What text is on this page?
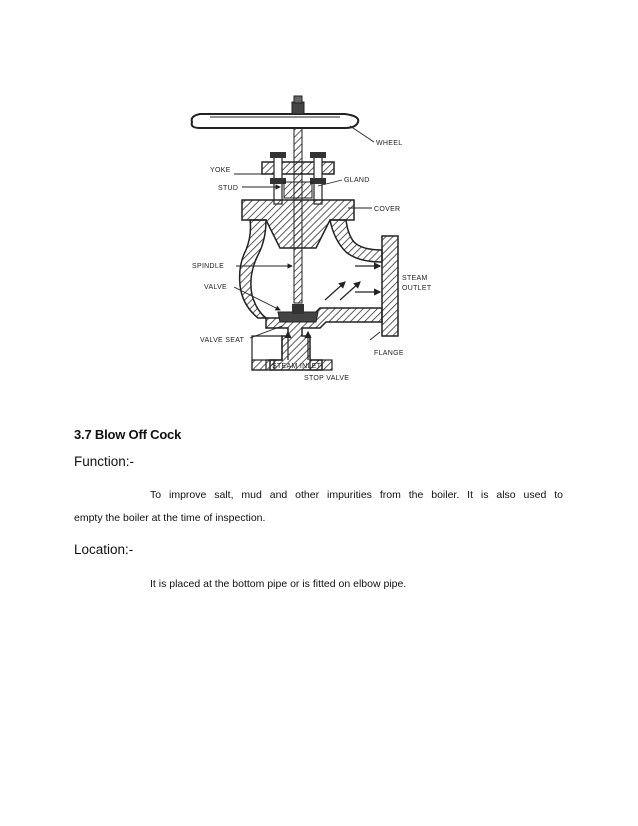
WHEEL
YOKE
STUD
GLAND
COVER
SPINDLE
VALVE
STEAM
OUTLET
VALVE SEAT
FLANGE
STEAM INLET
STOP VALVE
3.7 Blow Off Cock
Function:-
To improve salt, mud and other impurities from the boiler. It is also used to
empty the boiler at the time of inspection.
Location:-
It is placed at the bottom pipe or is fitted on elbow pipe.
